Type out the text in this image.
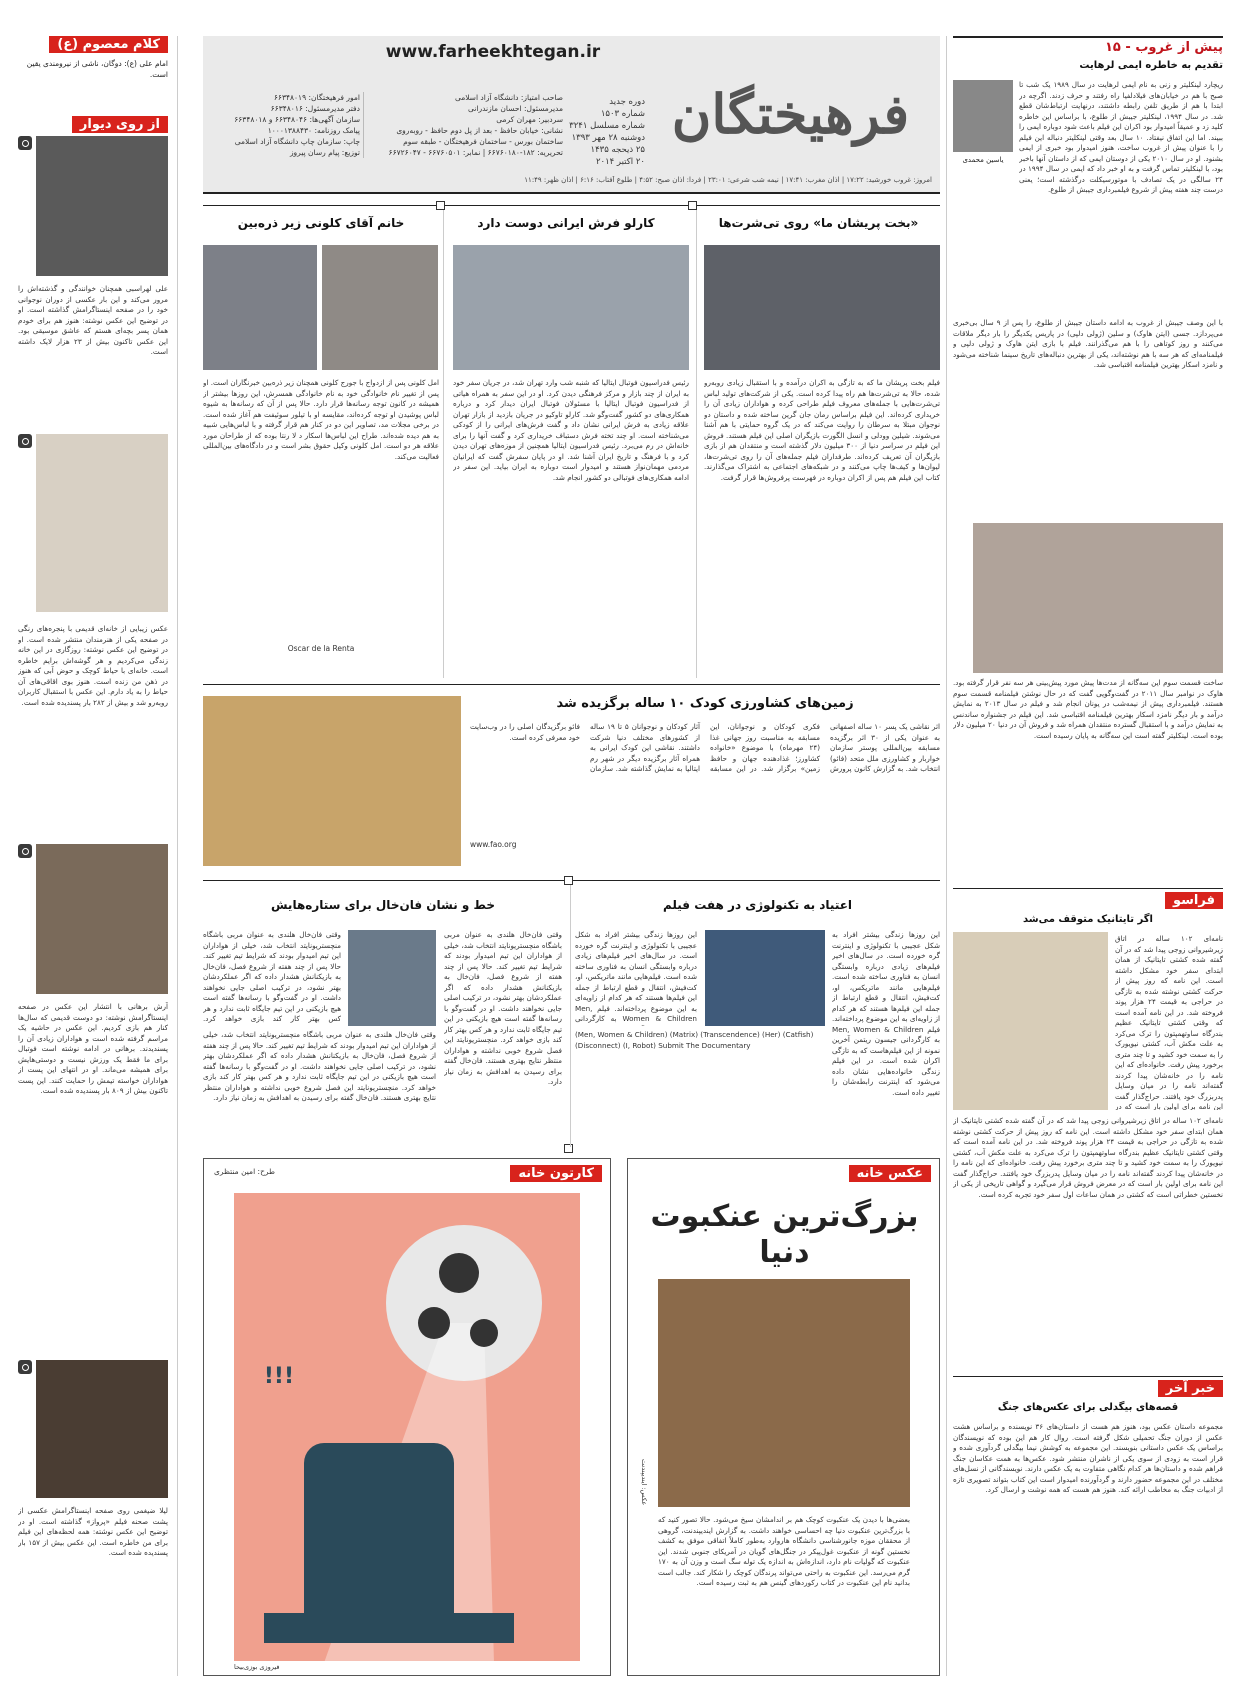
فرهیختگان
دوره جدید
شماره ۱۵۰۳
شماره مسلسل ۳۲۴۱
دوشنبه ۲۸ مهر ۱۳۹۳
۲۵ ذیحجه ۱۴۳۵
۲۰ اکتبر ۲۰۱۴
www.farheekhtegan.ir
صاحب امتیاز: دانشگاه آزاد اسلامی
مدیرمسئول: احسان مازندرانی
سردبیر: مهران کرمی
نشانی: خیابان حافظ - بعد از پل دوم حافظ - روبه‌روی
ساختمان بورس - ساختمان فرهیختگان - طبقه سوم
تحریریه: ۱۸۲-۶۶۷۶۰۱۸۰ | نمابر: ۶۶۷۶۰۵۰۱ - ۶۶۷۲۶۰۴۷
امور فرهیختگان: ۶۶۳۴۸۰۱۹
دفتر مدیرمسئول: ۶۶۳۴۸۰۱۶
سازمان آگهی‌ها: ۶۶۳۴۸۰۴۶ و ۶۶۳۴۸۰۱۸
پیامک روزنامه: ۱۰۰۰۱۳۸۸۴۳۰
چاپ: سازمان چاپ دانشگاه آزاد اسلامی
توزیع: پیام رسان پیروز
امروز: غروب خورشید: ۱۷:۲۲ | اذان مغرب: ۱۷:۴۱ | نیمه شب شرعی: ۲۳:۰۱ | فردا: اذان صبح: ۴:۵۲ | طلوع آفتاب: ۶:۱۶ | اذان ظهر: ۱۱:۴۹
پیش از غروب - ۱۵
تقدیم به خاطره ایمی لرهایت
یاسین محمدی
ریچارد لینکلیتر و زنی به نام ایمی لرهایت در سال ۱۹۸۹ یک شب تا صبح با هم در خیابان‌های فیلادلفیا راه رفتند و حرف زدند. اگرچه در ابتدا با هم از طریق تلفن رابطه داشتند، درنهایت ارتباط‌شان قطع شد. در سال ۱۹۹۴، لینکلیتر جیبش از طلوع، با براساس این خاطره کلید زد و عمیقاً امیدوار بود اکران این فیلم باعث شود دوباره ایمی را ببیند. اما این اتفاق نیفتاد. ۱۰ سال بعد وقتی لینکلیتر دنباله این فیلم را با عنوان پیش از غروب ساخت، هنوز امیدوار بود خبری از ایمی بشنود. او در سال ۲۰۱۰ یکی از دوستان ایمی که از داستان آنها باخبر بود، با لینکلیتر تماس گرفت و به او خبر داد که ایمی در سال ۱۹۹۴ در ۲۴ سالگی در یک تصادف با موتورسیکلت درگذشته است؛ یعنی درست چند هفته پیش از شروع فیلمبرداری جیبش از طلوع.
با این وصف جیبش از غروب به ادامه داستان جیبش از طلوع، را پس از ۹ سال بی‌خبری می‌پردازد. جسی (ایتن هاوک) و سلین (ژولی دلپی) در پاریس یکدیگر را بار دیگر ملاقات می‌کنند و روز کوتاهی را با هم می‌گذرانند. فیلم با بازی ایتن هاوک و ژولی دلپی و فیلمنامه‌ای که هر سه با هم نوشته‌اند، یکی از بهترین دنباله‌های تاریخ سینما شناخته می‌شود و نامزد اسکار بهترین فیلمنامه اقتباسی شد.
ساخت قسمت سوم این سه‌گانه از مدت‌ها پیش مورد پیش‌بینی هر سه نفر قرار گرفته بود. هاوک در نوامبر سال ۲۰۱۱ در گفت‌وگویی گفت که در حال نوشتن فیلمنامه قسمت سوم هستند. فیلمبرداری پیش از نیمه‌شب در یونان انجام شد و فیلم در سال ۲۰۱۳ به نمایش درآمد و بار دیگر نامزد اسکار بهترین فیلمنامه اقتباسی شد. این فیلم در جشنواره ساندنس به نمایش درآمد و با استقبال گسترده منتقدان همراه شد و فروش آن در دنیا ۲۰ میلیون دلار بوده است. لینکلیتر گفته است این سه‌گانه به پایان رسیده است.
فراسو
اگر تایتانیک متوقف می‌شد
نامه‌ای ۱۰۲ ساله در اتاق زیرشیروانی زوجی پیدا شد که در آن گفته شده کشتی تایتانیک از همان ابتدای سفر خود مشکل داشته است. این نامه که روز پیش از حرکت کشتی نوشته شده به تازگی در حراجی به قیمت ۲۴ هزار پوند فروخته شد. در این نامه آمده است که وقتی کشتی تایتانیک عظیم بندرگاه ساوتهمپتون را ترک می‌کرد به علت مکش آب، کشتی نیویورک را به سمت خود کشید و تا چند متری برخورد پیش رفت. خانواده‌ای که این نامه را در خانه‌شان پیدا کردند گفته‌اند نامه را در میان وسایل پدربزرگ خود یافتند. حراج‌گذار گفت این نامه برای اولین بار است که در
نامه‌ای ۱۰۲ ساله در اتاق زیرشیروانی زوجی پیدا شد که در آن گفته شده کشتی تایتانیک از همان ابتدای سفر خود مشکل داشته است. این نامه که روز پیش از حرکت کشتی نوشته شده به تازگی در حراجی به قیمت ۲۴ هزار پوند فروخته شد. در این نامه آمده است که وقتی کشتی تایتانیک عظیم بندرگاه ساوتهمپتون را ترک می‌کرد به علت مکش آب، کشتی نیویورک را به سمت خود کشید و تا چند متری برخورد پیش رفت. خانواده‌ای که این نامه را در خانه‌شان پیدا کردند گفته‌اند نامه را در میان وسایل پدربزرگ خود یافتند. حراج‌گذار گفت این نامه برای اولین بار است که در معرض فروش قرار می‌گیرد و گواهی تاریخی از یکی از نخستین خطراتی است که کشتی در همان ساعات اول سفر خود تجربه کرده است.
خبر آخر
قصه‌های بیگدلی برای عکس‌های جنگ
مجموعه داستان عکس بود، هنوز هم هست از داستان‌های ۳۶ نویسنده و براساس هشت عکس از دوران جنگ تحمیلی شکل گرفته است. روال کار هم این بوده که نویسندگان براساس یک عکس داستانی بنویسند. این مجموعه به کوشش نیما بیگدلی گردآوری شده و قرار است به زودی از سوی یکی از ناشران منتشر شود. عکس‌ها به همت عکاسان جنگ فراهم شده و داستان‌ها هر کدام نگاهی متفاوت به یک عکس دارند. نویسندگانی از نسل‌های مختلف در این مجموعه حضور دارند و گردآورنده امیدوار است این کتاب بتواند تصویری تازه از ادبیات جنگ به مخاطب ارائه کند. هنوز هم هست که همه نوشت و ارسال کرد.
کلام معصوم (ع)
امام علی (ع): دوگان، ناشی از نیرومندی یقین است.
از روی دیوار
علی لهراسبی همچنان خوانندگی و گذشته‌اش را مرور می‌کند و این بار عکسی از دوران نوجوانی خود را در صفحه اینستاگرامش گذاشته است. او در توضیح این عکس نوشته: هنوز هم برای خودم همان پسر بچه‌ای هستم که عاشق موسیقی بود. این عکس تاکنون بیش از ۲۳ هزار لایک داشته است.
عکس زیبایی از خانه‌ای قدیمی با پنجره‌های رنگی در صفحه یکی از هنرمندان منتشر شده است. او در توضیح این عکس نوشته: روزگاری در این خانه زندگی می‌کردیم و هر گوشه‌اش برایم خاطره است. خانه‌ای با حیاط کوچک و حوض آبی که هنوز در ذهن من زنده است. هنوز بوی اقاقی‌های آن حیاط را به یاد دارم. این عکس با استقبال کاربران روبه‌رو شد و بیش از ۲۸۲ بار پسندیده شده است.
آرش برهانی با انتشار این عکس در صفحه اینستاگرامش نوشته: دو دوست قدیمی که سال‌ها کنار هم بازی کردیم. این عکس در حاشیه یک مراسم گرفته شده است و هواداران زیادی آن را پسندیدند. برهانی در ادامه نوشته است فوتبال برای ما فقط یک ورزش نیست و دوستی‌هایش برای همیشه می‌ماند. او در انتهای این پست از هواداران خواسته تیمش را حمایت کنند. این پست تاکنون بیش از ۸۰۹ بار پسندیده شده است.
لیلا ضیغمی روی صفحه اینستاگرامش عکسی از پشت صحنه فیلم «پرواز» گذاشته است. او در توضیح این عکس نوشته: همه لحظه‌های این فیلم برای من خاطره است. این عکس بیش از ۱۵۷ بار پسندیده شده است.
«بخت پریشان ما» روی تی‌شرت‌ها
فیلم بخت پریشان ما که به تازگی به اکران درآمده و با استقبال زیادی روبه‌رو شده، حالا به تی‌شرت‌ها هم راه پیدا کرده است. یکی از شرکت‌های تولید لباس تی‌شرت‌هایی با جمله‌های معروف فیلم طراحی کرده و هواداران زیادی آن را خریداری کرده‌اند. این فیلم براساس رمان جان گرین ساخته شده و داستان دو نوجوان مبتلا به سرطان را روایت می‌کند که در یک گروه حمایتی با هم آشنا می‌شوند. شیلین وودلی و انسل الگورت بازیگران اصلی این فیلم هستند. فروش این فیلم در سراسر دنیا از ۳۰۰ میلیون دلار گذشته است و منتقدان هم از بازی بازیگران آن تعریف کرده‌اند. طرفداران فیلم جمله‌های آن را روی تی‌شرت‌ها، لیوان‌ها و کیف‌ها چاپ می‌کنند و در شبکه‌های اجتماعی به اشتراک می‌گذارند. کتاب این فیلم هم پس از اکران دوباره در فهرست پرفروش‌ها قرار گرفت.
کارلو فرش ایرانی دوست دارد
رئیس فدراسیون فوتبال ایتالیا که شنبه شب وارد تهران شد، در جریان سفر خود به ایران از چند بازار و مرکز فرهنگی دیدن کرد. او در این سفر به همراه هیاتی از فدراسیون فوتبال ایتالیا با مسئولان فوتبال ایران دیدار کرد و درباره همکاری‌های دو کشور گفت‌وگو شد. کارلو تاوکیو در جریان بازدید از بازار تهران علاقه زیادی به فرش ایرانی نشان داد و گفت فرش‌های ایرانی را از کودکی می‌شناخته است. او چند تخته فرش دستباف خریداری کرد و گفت آنها را برای خانه‌اش در رم می‌برد. رئیس فدراسیون ایتالیا همچنین از موزه‌های تهران دیدن کرد و با فرهنگ و تاریخ ایران آشنا شد. او در پایان سفرش گفت که ایرانیان مردمی مهمان‌نواز هستند و امیدوار است دوباره به ایران بیاید. این سفر در ادامه همکاری‌های فوتبالی دو کشور انجام شد.
خانم آقای کلونی زیر ذره‌بین
امل کلونی پس از ازدواج با جورج کلونی همچنان زیر ذره‌بین خبرنگاران است. او پس از تغییر نام خانوادگی خود به نام خانوادگی همسرش، این روزها بیشتر از همیشه در کانون توجه رسانه‌ها قرار دارد. حالا پس از آن که رسانه‌ها به شیوه لباس پوشیدن او توجه کرده‌اند، مقایسه او با تیلور سوئیفت هم آغاز شده است. در برخی مجلات مد، تصاویر این دو در کنار هم قرار گرفته و با لباس‌هایی شبیه به هم دیده شده‌اند. طراح این لباس‌ها اسکار د لا رنتا بوده که از طراحان مورد علاقه هر دو است. امل کلونی وکیل حقوق بشر است و در دادگاه‌های بین‌المللی فعالیت می‌کند.
Oscar de la Renta
زمین‌های کشاورزی کودک ۱۰ ساله برگزیده شد
اثر نقاشی یک پسر ۱۰ ساله اصفهانی به عنوان یکی از ۳۰ اثر برگزیده مسابقه بین‌المللی پوستر سازمان خواربار و کشاورزی ملل متحد (فائو) انتخاب شد. به گزارش کانون پرورش فکری کودکان و نوجوانان، این مسابقه به مناسبت روز جهانی غذا (۲۴ مهرماه) با موضوع «خانواده کشاورز؛ غذادهنده جهان و حافظ زمین» برگزار شد. در این مسابقه آثار کودکان و نوجوانان ۵ تا ۱۹ ساله از کشورهای مختلف دنیا شرکت داشتند. نقاشی این کودک ایرانی به همراه آثار برگزیده دیگر در شهر رم ایتالیا به نمایش گذاشته شد. سازمان فائو برگزیدگان اصلی را در وب‌سایت خود معرفی کرده است.
www.fao.org
اعتیاد به تکنولوژی در هفت فیلم
این روزها زندگی بیشتر افراد به شکل عجیبی با تکنولوژی و اینترنت گره خورده است. در سال‌های اخیر فیلم‌های زیادی درباره وابستگی انسان به فناوری ساخته شده است. فیلم‌هایی مانند ماتریکس، او، کت‌فیش، انتقال و قطع ارتباط از جمله این فیلم‌ها هستند که هر کدام از زاویه‌ای به این موضوع پرداخته‌اند. فیلم Men, Women & Children به کارگردانی جیسون ریتمن آخرین نمونه از این فیلم‌هاست که به تازگی اکران شده است. در این فیلم زندگی خانواده‌هایی نشان داده می‌شود که اینترنت رابطه‌شان را تغییر داده است.
این روزها زندگی بیشتر افراد به شکل عجیبی با تکنولوژی و اینترنت گره خورده است. در سال‌های اخیر فیلم‌های زیادی درباره وابستگی انسان به فناوری ساخته شده است. فیلم‌هایی مانند ماتریکس، او، کت‌فیش، انتقال و قطع ارتباط از جمله این فیلم‌ها هستند که هر کدام از زاویه‌ای به این موضوع پرداخته‌اند. فیلم Men, Women & Children به کارگردانی
(Men, Women & Children) (Matrix) (Transcendence) (Her) (Catfish) (Disconnect) (I, Robot) Submit The Documentary
خط و نشان فان‌خال برای ستاره‌هایش
وقتی فان‌خال هلندی به عنوان مربی باشگاه منچستریونایتد انتخاب شد، خیلی از هواداران این تیم امیدوار بودند که شرایط تیم تغییر کند. حالا پس از چند هفته از شروع فصل، فان‌خال به بازیکنانش هشدار داده که اگر عملکردشان بهتر نشود، در ترکیب اصلی جایی نخواهند داشت. او در گفت‌وگو با رسانه‌ها گفته است هیچ بازیکنی در این تیم جایگاه ثابت ندارد و هر کس بهتر کار کند بازی خواهد کرد. منچستریونایتد این فصل شروع خوبی نداشته و هواداران منتظر نتایج بهتری هستند. فان‌خال گفته برای رسیدن به اهدافش به زمان نیاز دارد.
وقتی فان‌خال هلندی به عنوان مربی باشگاه منچستریونایتد انتخاب شد، خیلی از هواداران این تیم امیدوار بودند که شرایط تیم تغییر کند. حالا پس از چند هفته از شروع فصل، فان‌خال به بازیکنانش هشدار داده که اگر عملکردشان بهتر نشود، در ترکیب اصلی جایی نخواهند داشت. او در گفت‌وگو با رسانه‌ها گفته است هیچ بازیکنی در این تیم جایگاه ثابت ندارد و هر کس بهتر کار کند بازی خواهد کرد.
وقتی فان‌خال هلندی به عنوان مربی باشگاه منچستریونایتد انتخاب شد، خیلی از هواداران این تیم امیدوار بودند که شرایط تیم تغییر کند. حالا پس از چند هفته از شروع فصل، فان‌خال به بازیکنانش هشدار داده که اگر عملکردشان بهتر نشود، در ترکیب اصلی جایی نخواهند داشت. او در گفت‌وگو با رسانه‌ها گفته است هیچ بازیکنی در این تیم جایگاه ثابت ندارد و هر کس بهتر کار کند بازی خواهد کرد. منچستریونایتد این فصل شروع خوبی نداشته و هواداران منتظر نتایج بهتری هستند. فان‌خال گفته برای رسیدن به اهدافش به زمان نیاز دارد.
کارتون خانه
طرح: امین منتظری
!!!
فیروزی بوزی‌بیحا
عکس خانه
بزرگ‌ترین عنکبوت دنیا
عکس: ایندیپندنت
بعضی‌ها با دیدن یک عنکبوت کوچک هم بر اندامشان سیخ می‌شود. حالا تصور کنید که با بزرگ‌ترین عنکبوت دنیا چه احساسی خواهند داشت. به گزارش ایندیپندنت، گروهی از محققان موزه جانورشناسی دانشگاه هاروارد به‌طور کاملاً اتفاقی موفق به کشف نخستین گونه از عنکبوت غول‌پیکر در جنگل‌های گویان در آمریکای جنوبی شدند. این عنکبوت که گولیات نام دارد، اندازه‌اش به اندازه یک توله سگ است و وزن آن به ۱۷۰ گرم می‌رسد. این عنکبوت به راحتی می‌تواند پرندگان کوچک را شکار کند. جالب است بدانید نام این عنکبوت در کتاب رکوردهای گینس هم به ثبت رسیده است.
